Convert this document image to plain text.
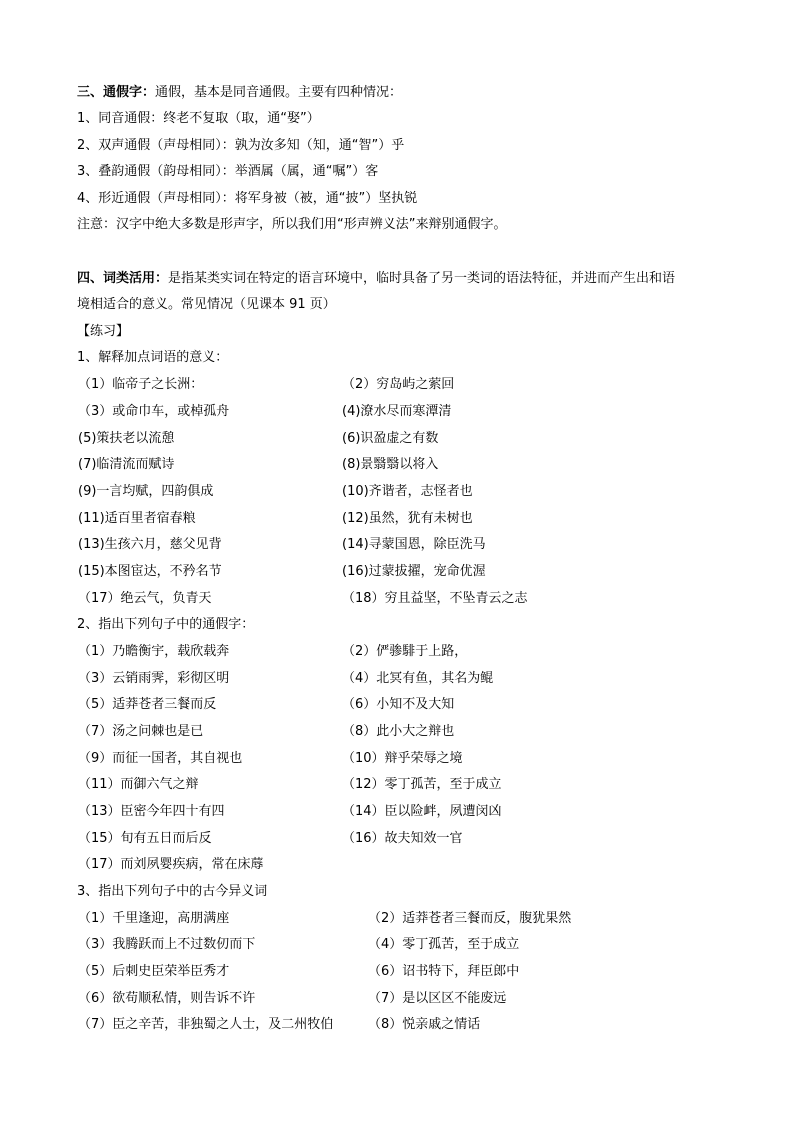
三、通假字：通假，基本是同音通假。主要有四种情况：
1、同音通假：终老不复取（取，通“娶”）
2、双声通假（声母相同）：孰为汝多知（知，通“智”）乎
3、叠韵通假（韵母相同）：举酒属（属，通“嘱”）客
4、形近通假（声母相同）：将军身被（被，通“披”）坚执锐
注意：汉字中绝大多数是形声字，所以我们用“形声辨义法”来辩别通假字。
四、词类活用：是指某类实词在特定的语言环境中，临时具备了另一类词的语法特征，并进而产生出和语
境相适合的意义。常见情况（见课本 91 页）
【练习】
1、解释加点词语的意义：
（1）临帝子之长洲：	（2）穷岛屿之萦回
（3）或命巾车，或棹孤舟	(4)潦水尽而寒潭清
(5)策扶老以流憩	(6)识盈虚之有数
(7)临清流而赋诗	(8)景翳翳以将入
(9)一言均赋，四韵俱成	(10)齐谐者，志怪者也
(11)适百里者宿春粮	(12)虽然，犹有未树也
(13)生孩六月，慈父见背	(14)寻蒙国恩，除臣洗马
(15)本图宦达，不矜名节	(16)过蒙拔擢，宠命优渥
（17）绝云气，负青天	（18）穷且益坚，不坠青云之志
2、指出下列句子中的通假字：
（1）乃瞻衡宇，载欣载奔	（2）俨骖騑于上路，
（3）云销雨霁，彩彻区明	（4）北冥有鱼，其名为鲲
（5）适莽苍者三餐而反	（6）小知不及大知
（7）汤之问棘也是已	（8）此小大之辩也
（9）而征一国者，其自视也	（10）辩乎荣辱之境
（11）而御六气之辩	（12）零丁孤苦，至于成立
（13）臣密今年四十有四	（14）臣以险衅，夙遭闵凶
（15）旬有五日而后反	（16）故夫知效一官
（17）而刘夙婴疾病，常在床蓐
3、指出下列句子中的古今异义词
（1）千里逢迎，高朋满座	（2）适莽苍者三餐而反，腹犹果然
（3）我腾跃而上不过数仞而下	（4）零丁孤苦，至于成立
（5）后刺史臣荣举臣秀才	（6）诏书特下，拜臣郎中
（6）欲苟顺私情，则告诉不许	（7）是以区区不能废远
（7）臣之辛苦，非独蜀之人士，及二州牧伯	（8）悦亲戚之情话
